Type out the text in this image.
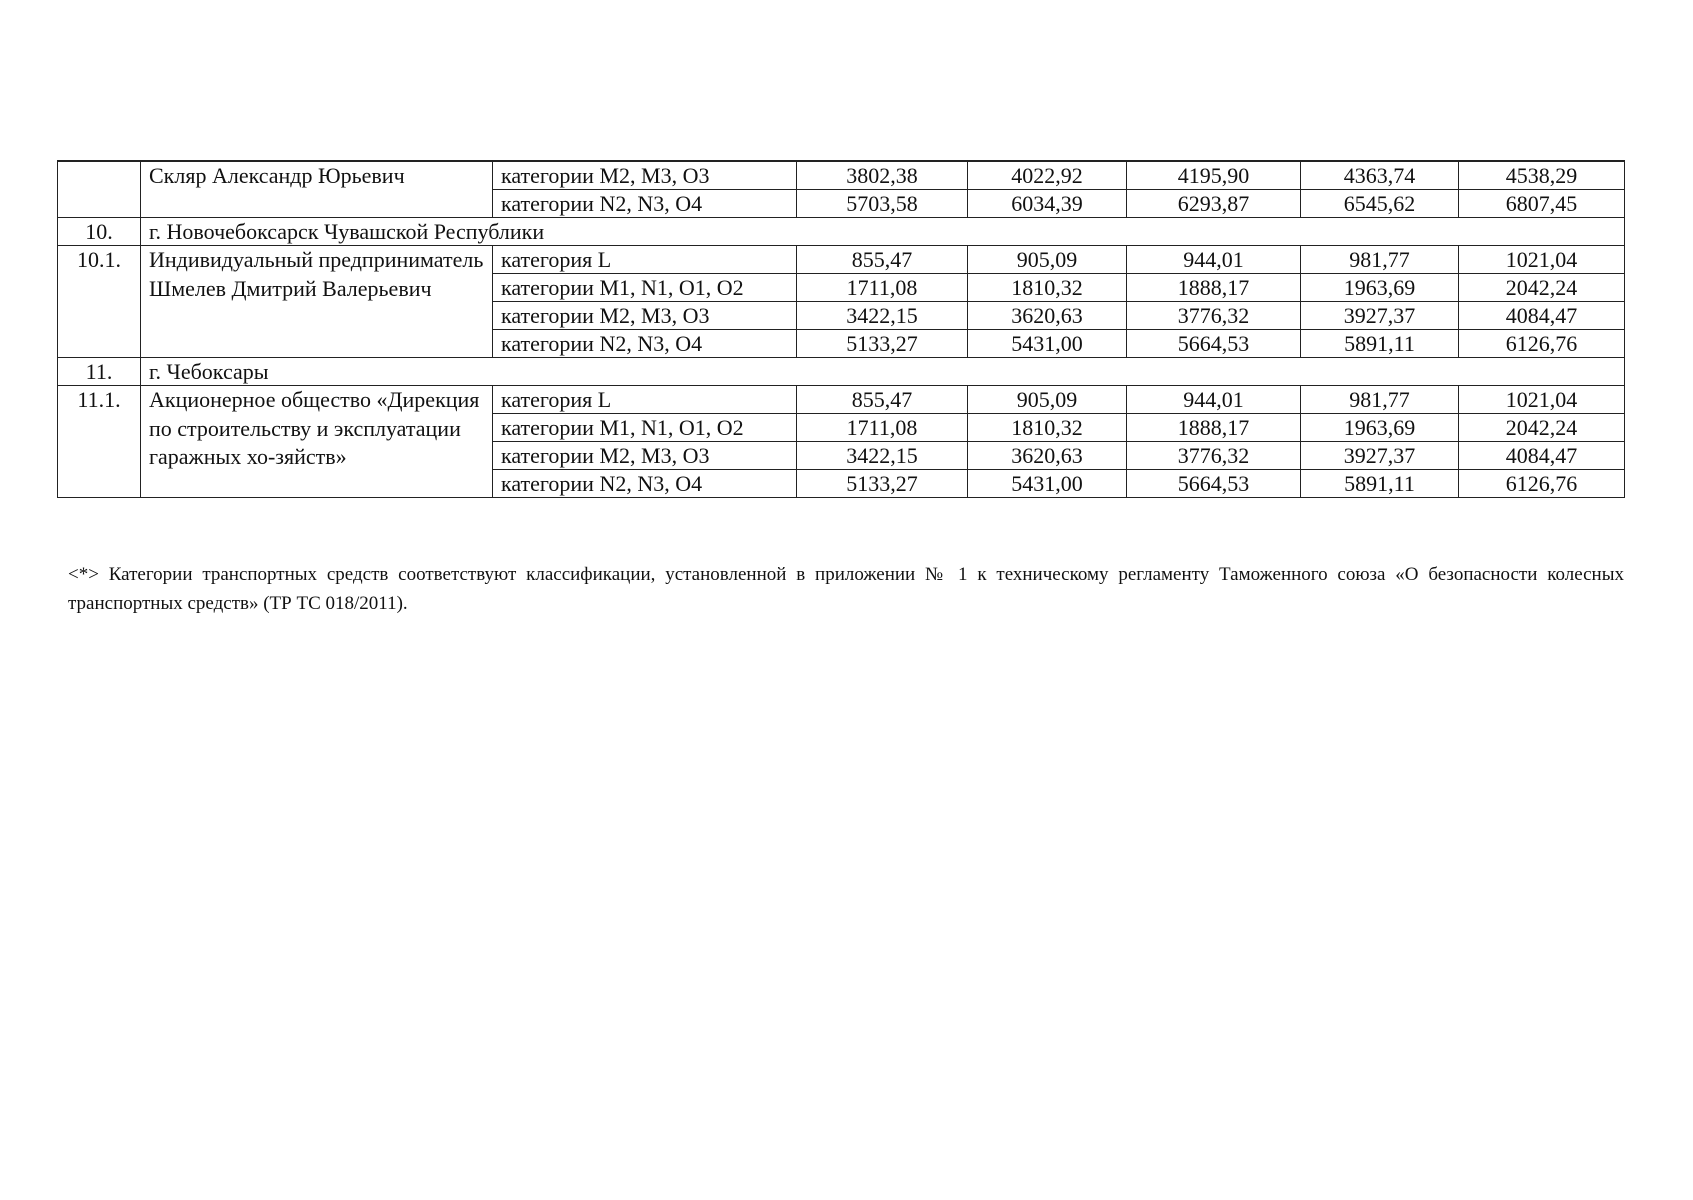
	Скляр Александр Юрьевич	категории М2, М3, О3	3802,38	4022,92	4195,90	4363,74	4538,29
		категории N2, N3, O4	5703,58	6034,39	6293,87	6545,62	6807,45
10.	г. Новочебоксарск Чувашской Республики						
10.1.	Индивидуальный предприниматель Шмелев Дмитрий Валерьевич	категория L	855,47	905,09	944,01	981,77	1021,04
		категории M1, N1, O1, O2	1711,08	1810,32	1888,17	1963,69	2042,24
		категории М2, М3, О3	3422,15	3620,63	3776,32	3927,37	4084,47
		категории N2, N3, O4	5133,27	5431,00	5664,53	5891,11	6126,76
11.	г. Чебоксары						
11.1.	Акционерное общество «Дирекция по строительству и эксплуатации гаражных хо-зяйств»	категория L	855,47	905,09	944,01	981,77	1021,04
		категории M1, N1, O1, O2	1711,08	1810,32	1888,17	1963,69	2042,24
		категории М2, М3, О3	3422,15	3620,63	3776,32	3927,37	4084,47
		категории N2, N3, O4	5133,27	5431,00	5664,53	5891,11	6126,76

<*> Категории транспортных средств соответствуют классификации, установленной в приложении № 1 к техническому регламенту Таможенного союза «О безопасности колесных транспортных средств» (ТР ТС 018/2011).
